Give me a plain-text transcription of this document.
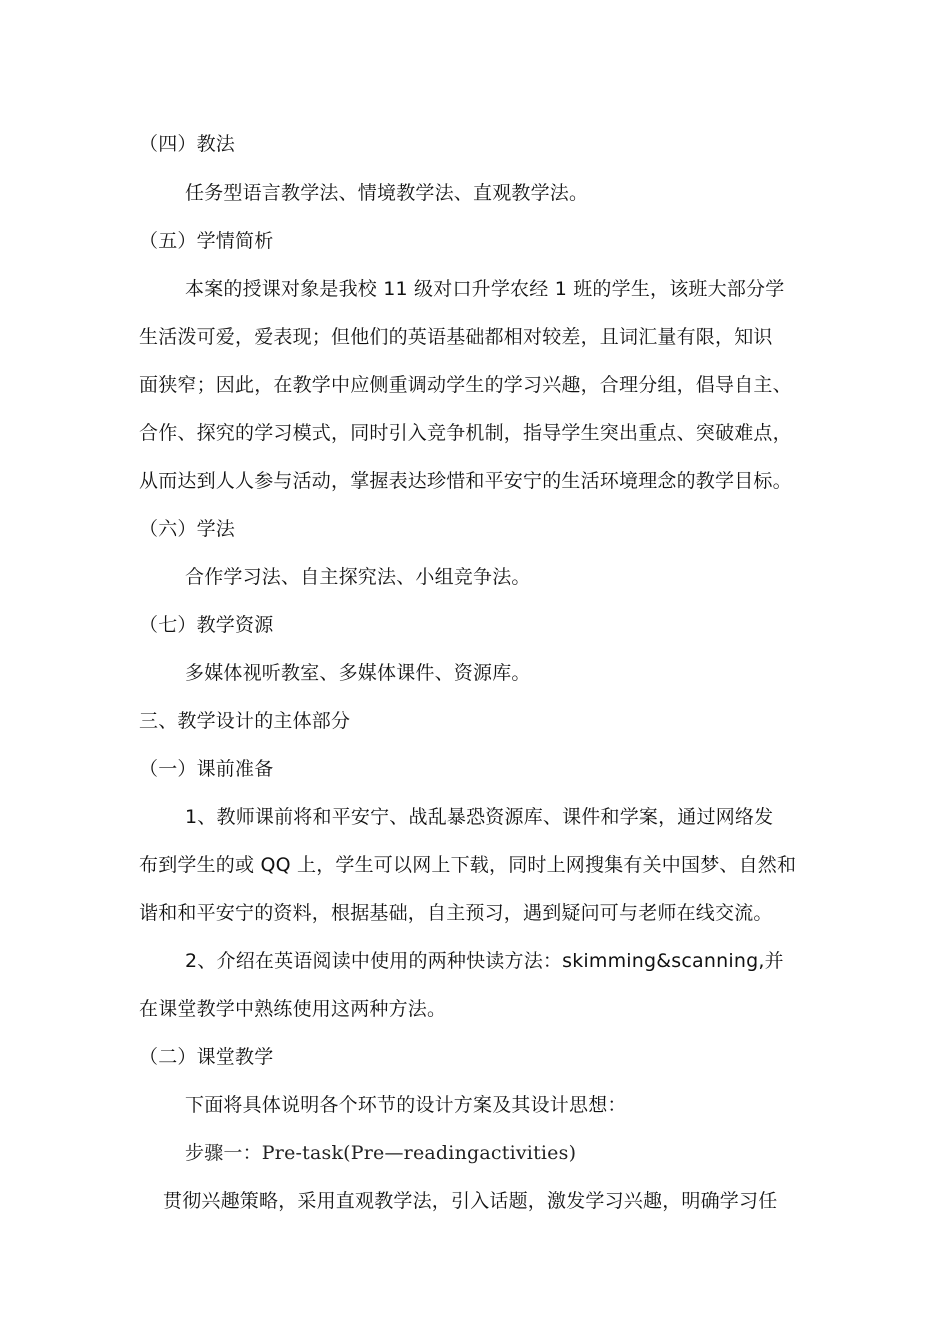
（四）教法
任务型语言教学法、情境教学法、直观教学法。
（五）学情简析
本案的授课对象是我校 11 级对口升学农经 1 班的学生，该班大部分学
生活泼可爱，爱表现；但他们的英语基础都相对较差，且词汇量有限，知识
面狭窄；因此，在教学中应侧重调动学生的学习兴趣，合理分组，倡导自主、
合作、探究的学习模式，同时引入竞争机制，指导学生突出重点、突破难点，
从而达到人人参与活动，掌握表达珍惜和平安宁的生活环境理念的教学目标。
（六）学法
合作学习法、自主探究法、小组竞争法。
（七）教学资源
多媒体视听教室、多媒体课件、资源库。
三、教学设计的主体部分
（一）课前准备
1、教师课前将和平安宁、战乱暴恐资源库、课件和学案，通过网络发
布到学生的或 QQ 上，学生可以网上下载，同时上网搜集有关中国梦、自然和
谐和和平安宁的资料，根据基础，自主预习，遇到疑问可与老师在线交流。
2、介绍在英语阅读中使用的两种快读方法：skimming&scanning,并
在课堂教学中熟练使用这两种方法。
（二）课堂教学
下面将具体说明各个环节的设计方案及其设计思想：
步骤一：Pre-task(Pre—readingactivities)
贯彻兴趣策略，采用直观教学法，引入话题，激发学习兴趣，明确学习任
